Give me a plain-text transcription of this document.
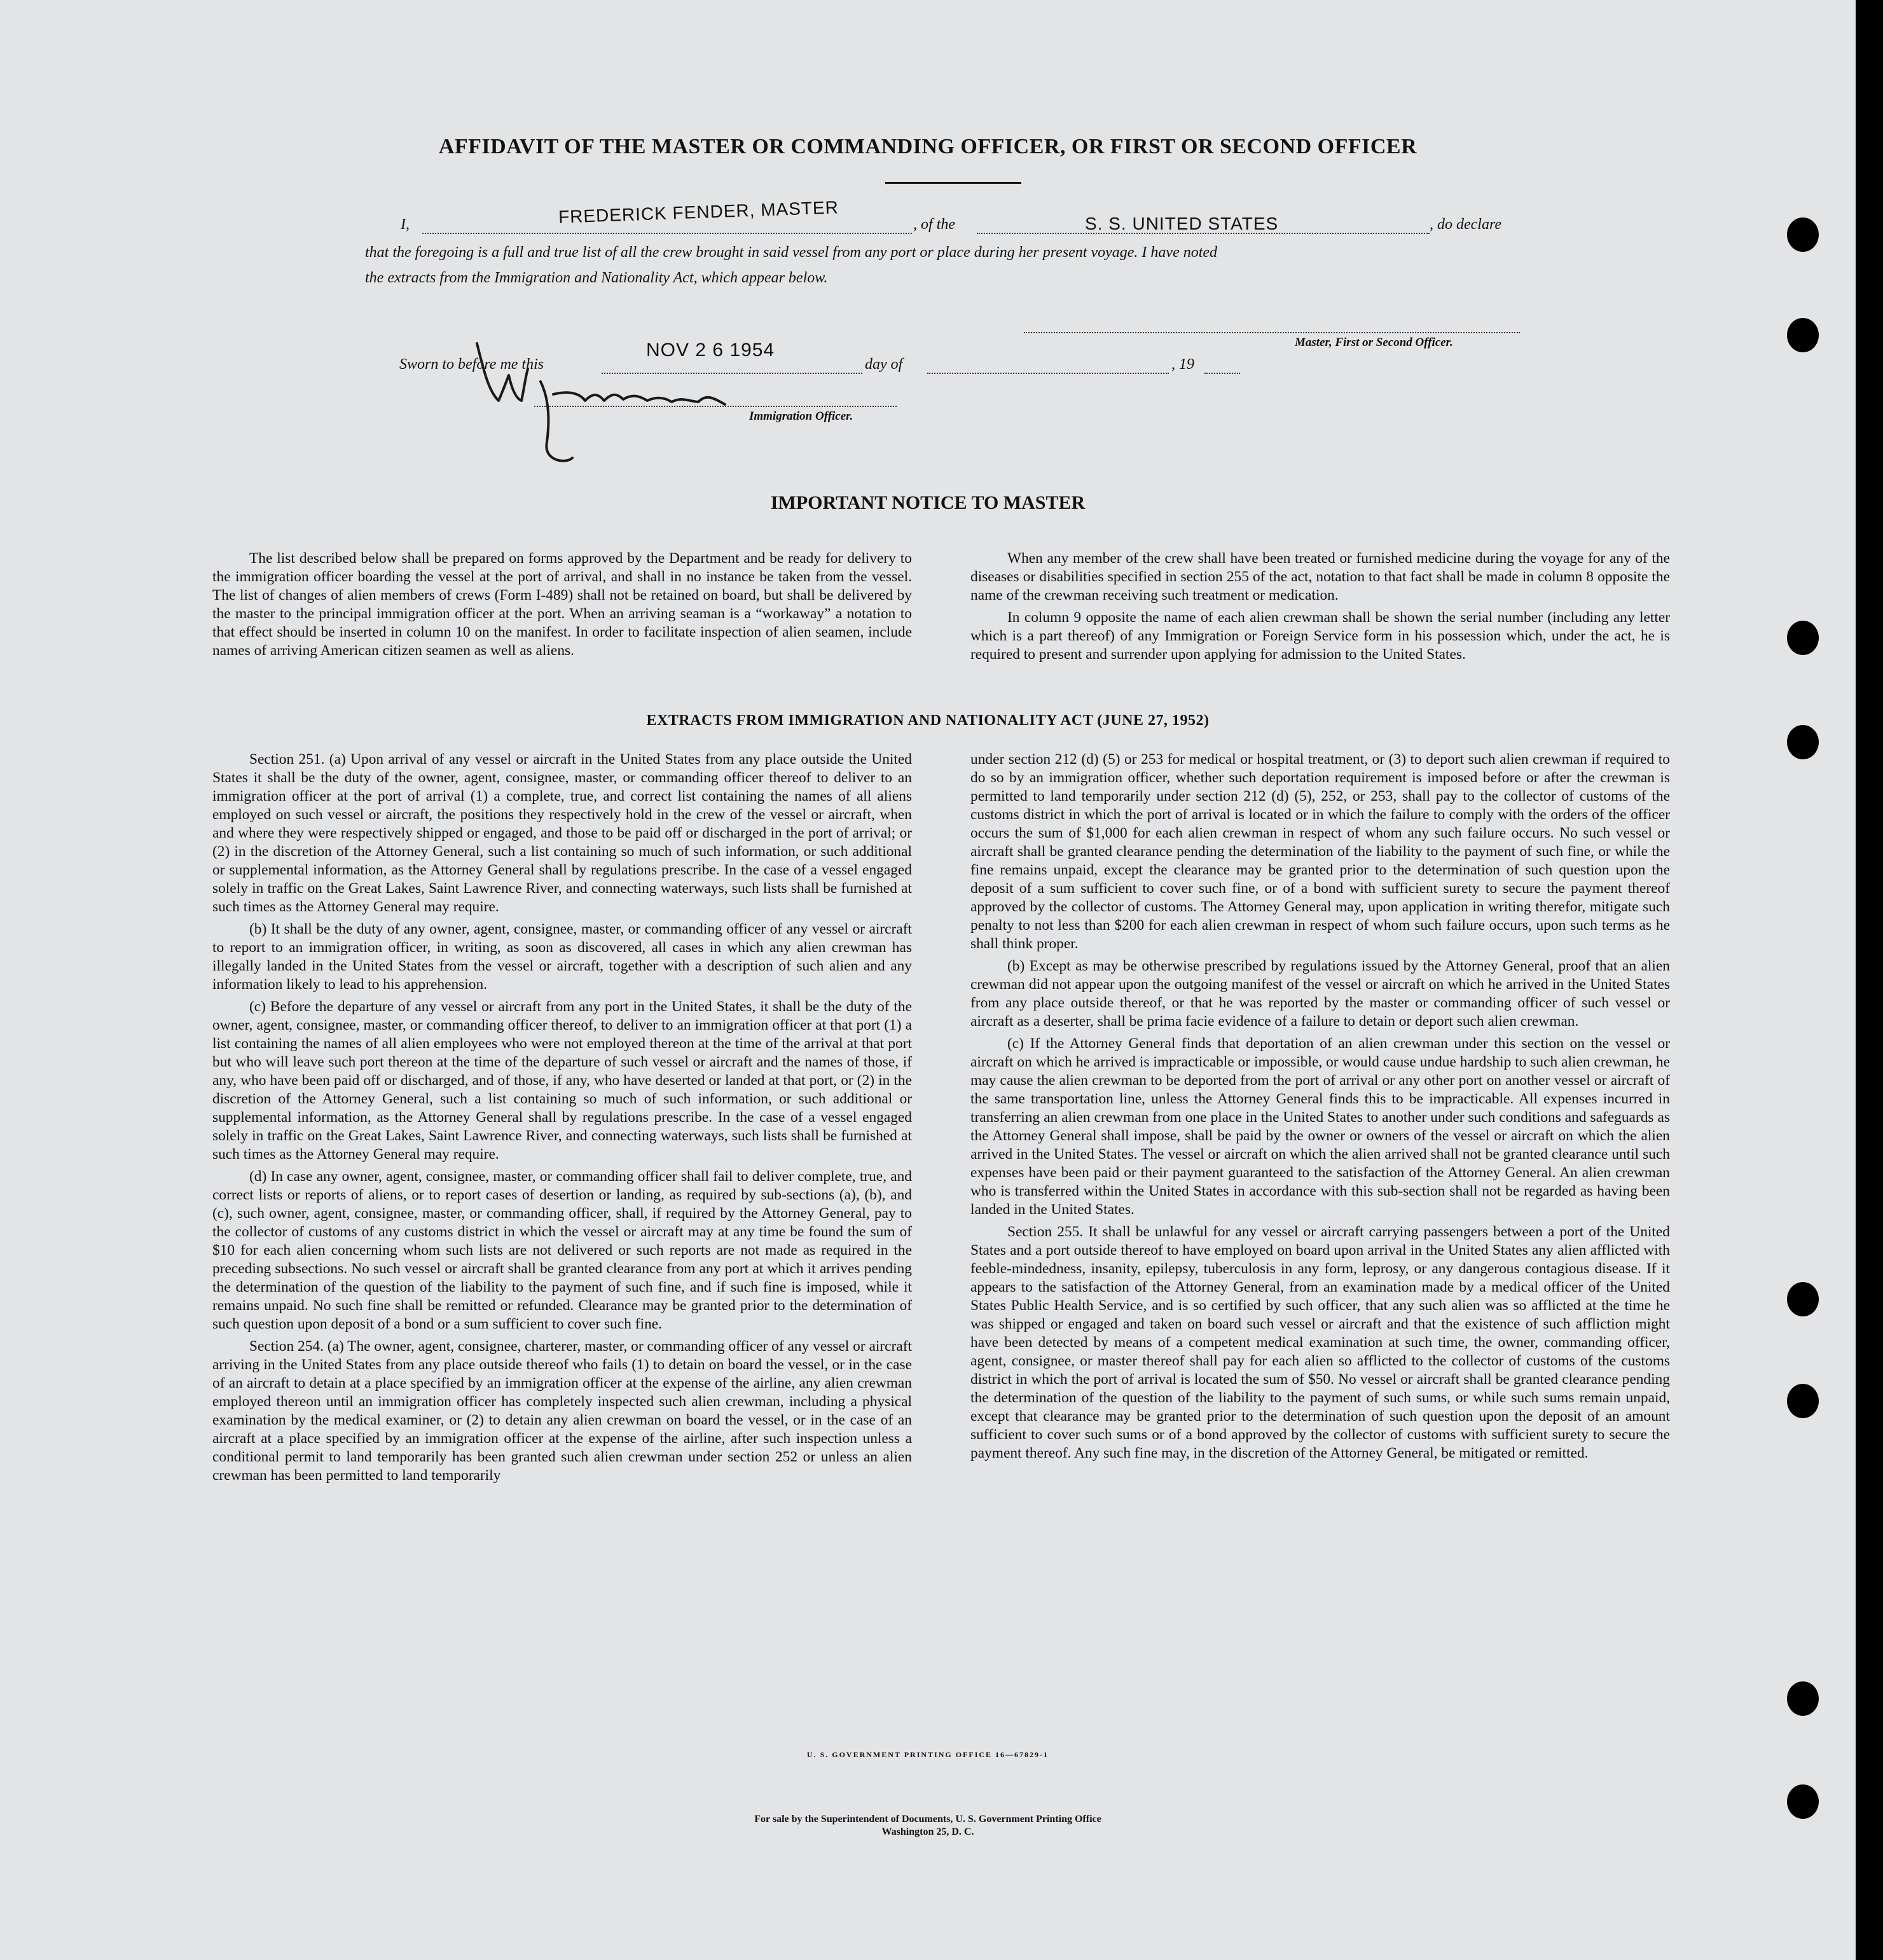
AFFIDAVIT OF THE MASTER OR COMMANDING OFFICER, OR FIRST OR SECOND OFFICER
I,	FREDERICK FENDER, MASTER	, of the	S. S. UNITED STATES	, do declare
that the foregoing is a full and true list of all the crew brought in said vessel from any port or place during her present voyage. I have noted
the extracts from the Immigration and Nationality Act, which appear below.
Master, First or Second Officer.
Sworn to before me this
NOV 2 6 1954
day of	, 19
Immigration Officer.
IMPORTANT NOTICE TO MASTER

The list described below shall be prepared on forms approved by the Department and be ready for delivery to the immigration officer boarding the vessel at the port of arrival, and shall in no instance be taken from the vessel. The list of changes of alien members of crews (Form I-489) shall not be retained on board, but shall be delivered by the master to the principal immigration officer at the port. When an arriving seaman is a “workaway” a notation to that effect should be inserted in column 10 on the manifest. In order to facilitate inspection of alien seamen, include names of arriving American citizen seamen as well as aliens.

When any member of the crew shall have been treated or furnished medicine during the voyage for any of the diseases or disabilities specified in section 255 of the act, notation to that fact shall be made in column 8 opposite the name of the crewman receiving such treatment or medication.

In column 9 opposite the name of each alien crewman shall be shown the serial number (including any letter which is a part thereof) of any Immigration or Foreign Service form in his possession which, under the act, he is required to present and surrender upon applying for admission to the United States.

EXTRACTS FROM IMMIGRATION AND NATIONALITY ACT (JUNE 27, 1952)

Section 251. (a) Upon arrival of any vessel or aircraft in the United States from any place outside the United States it shall be the duty of the owner, agent, consignee, master, or commanding officer thereof to deliver to an immigration officer at the port of arrival (1) a complete, true, and correct list containing the names of all aliens employed on such vessel or aircraft, the positions they respectively hold in the crew of the vessel or aircraft, when and where they were respectively shipped or engaged, and those to be paid off or discharged in the port of arrival; or (2) in the discretion of the Attorney General, such a list containing so much of such information, or such additional or supplemental information, as the Attorney General shall by regulations prescribe. In the case of a vessel engaged solely in traffic on the Great Lakes, Saint Lawrence River, and connecting waterways, such lists shall be furnished at such times as the Attorney General may require.

(b) It shall be the duty of any owner, agent, consignee, master, or commanding officer of any vessel or aircraft to report to an immigration officer, in writing, as soon as discovered, all cases in which any alien crewman has illegally landed in the United States from the vessel or aircraft, together with a description of such alien and any information likely to lead to his apprehension.

(c) Before the departure of any vessel or aircraft from any port in the United States, it shall be the duty of the owner, agent, consignee, master, or commanding officer thereof, to deliver to an immigration officer at that port (1) a list containing the names of all alien employees who were not employed thereon at the time of the arrival at that port but who will leave such port thereon at the time of the departure of such vessel or aircraft and the names of those, if any, who have been paid off or discharged, and of those, if any, who have deserted or landed at that port, or (2) in the discretion of the Attorney General, such a list containing so much of such information, or such additional or supplemental information, as the Attorney General shall by regulations prescribe. In the case of a vessel engaged solely in traffic on the Great Lakes, Saint Lawrence River, and connecting waterways, such lists shall be furnished at such times as the Attorney General may require.

(d) In case any owner, agent, consignee, master, or commanding officer shall fail to deliver complete, true, and correct lists or reports of aliens, or to report cases of desertion or landing, as required by sub-sections (a), (b), and (c), such owner, agent, consignee, master, or commanding officer, shall, if required by the Attorney General, pay to the collector of customs of any customs district in which the vessel or aircraft may at any time be found the sum of $10 for each alien concerning whom such lists are not delivered or such reports are not made as required in the preceding subsections. No such vessel or aircraft shall be granted clearance from any port at which it arrives pending the determination of the question of the liability to the payment of such fine, and if such fine is imposed, while it remains unpaid. No such fine shall be remitted or refunded. Clearance may be granted prior to the determination of such question upon deposit of a bond or a sum sufficient to cover such fine.

Section 254. (a) The owner, agent, consignee, charterer, master, or commanding officer of any vessel or aircraft arriving in the United States from any place outside thereof who fails (1) to detain on board the vessel, or in the case of an aircraft to detain at a place specified by an immigration officer at the expense of the airline, any alien crewman employed thereon until an immigration officer has completely inspected such alien crewman, including a physical examination by the medical examiner, or (2) to detain any alien crewman on board the vessel, or in the case of an aircraft at a place specified by an immigration officer at the expense of the airline, after such inspection unless a conditional permit to land temporarily has been granted such alien crewman under section 252 or unless an alien crewman has been permitted to land temporarily

under section 212 (d) (5) or 253 for medical or hospital treatment, or (3) to deport such alien crewman if required to do so by an immigration officer, whether such deportation requirement is imposed before or after the crewman is permitted to land temporarily under section 212 (d) (5), 252, or 253, shall pay to the collector of customs of the customs district in which the port of arrival is located or in which the failure to comply with the orders of the officer occurs the sum of $1,000 for each alien crewman in respect of whom any such failure occurs. No such vessel or aircraft shall be granted clearance pending the determination of the liability to the payment of such fine, or while the fine remains unpaid, except the clearance may be granted prior to the determination of such question upon the deposit of a sum sufficient to cover such fine, or of a bond with sufficient surety to secure the payment thereof approved by the collector of customs. The Attorney General may, upon application in writing therefor, mitigate such penalty to not less than $200 for each alien crewman in respect of whom such failure occurs, upon such terms as he shall think proper.

(b) Except as may be otherwise prescribed by regulations issued by the Attorney General, proof that an alien crewman did not appear upon the outgoing manifest of the vessel or aircraft on which he arrived in the United States from any place outside thereof, or that he was reported by the master or commanding officer of such vessel or aircraft as a deserter, shall be prima facie evidence of a failure to detain or deport such alien crewman.

(c) If the Attorney General finds that deportation of an alien crewman under this section on the vessel or aircraft on which he arrived is impracticable or impossible, or would cause undue hardship to such alien crewman, he may cause the alien crewman to be deported from the port of arrival or any other port on another vessel or aircraft of the same transportation line, unless the Attorney General finds this to be impracticable. All expenses incurred in transferring an alien crewman from one place in the United States to another under such conditions and safeguards as the Attorney General shall impose, shall be paid by the owner or owners of the vessel or aircraft on which the alien arrived in the United States. The vessel or aircraft on which the alien arrived shall not be granted clearance until such expenses have been paid or their payment guaranteed to the satisfaction of the Attorney General. An alien crewman who is transferred within the United States in accordance with this sub-section shall not be regarded as having been landed in the United States.

Section 255. It shall be unlawful for any vessel or aircraft carrying passengers between a port of the United States and a port outside thereof to have employed on board upon arrival in the United States any alien afflicted with feeble-mindedness, insanity, epilepsy, tuberculosis in any form, leprosy, or any dangerous contagious disease. If it appears to the satisfaction of the Attorney General, from an examination made by a medical officer of the United States Public Health Service, and is so certified by such officer, that any such alien was so afflicted at the time he was shipped or engaged and taken on board such vessel or aircraft and that the existence of such affliction might have been detected by means of a competent medical examination at such time, the owner, commanding officer, agent, consignee, or master thereof shall pay for each alien so afflicted to the collector of customs of the customs district in which the port of arrival is located the sum of $50. No vessel or aircraft shall be granted clearance pending the determination of the question of the liability to the payment of such sums, or while such sums remain unpaid, except that clearance may be granted prior to the determination of such question upon the deposit of an amount sufficient to cover such sums or of a bond approved by the collector of customs with sufficient surety to secure the payment thereof. Any such fine may, in the discretion of the Attorney General, be mitigated or remitted.

U. S. GOVERNMENT PRINTING OFFICE 16—67829-1
For sale by the Superintendent of Documents, U. S. Government Printing Office
Washington 25, D. C.
